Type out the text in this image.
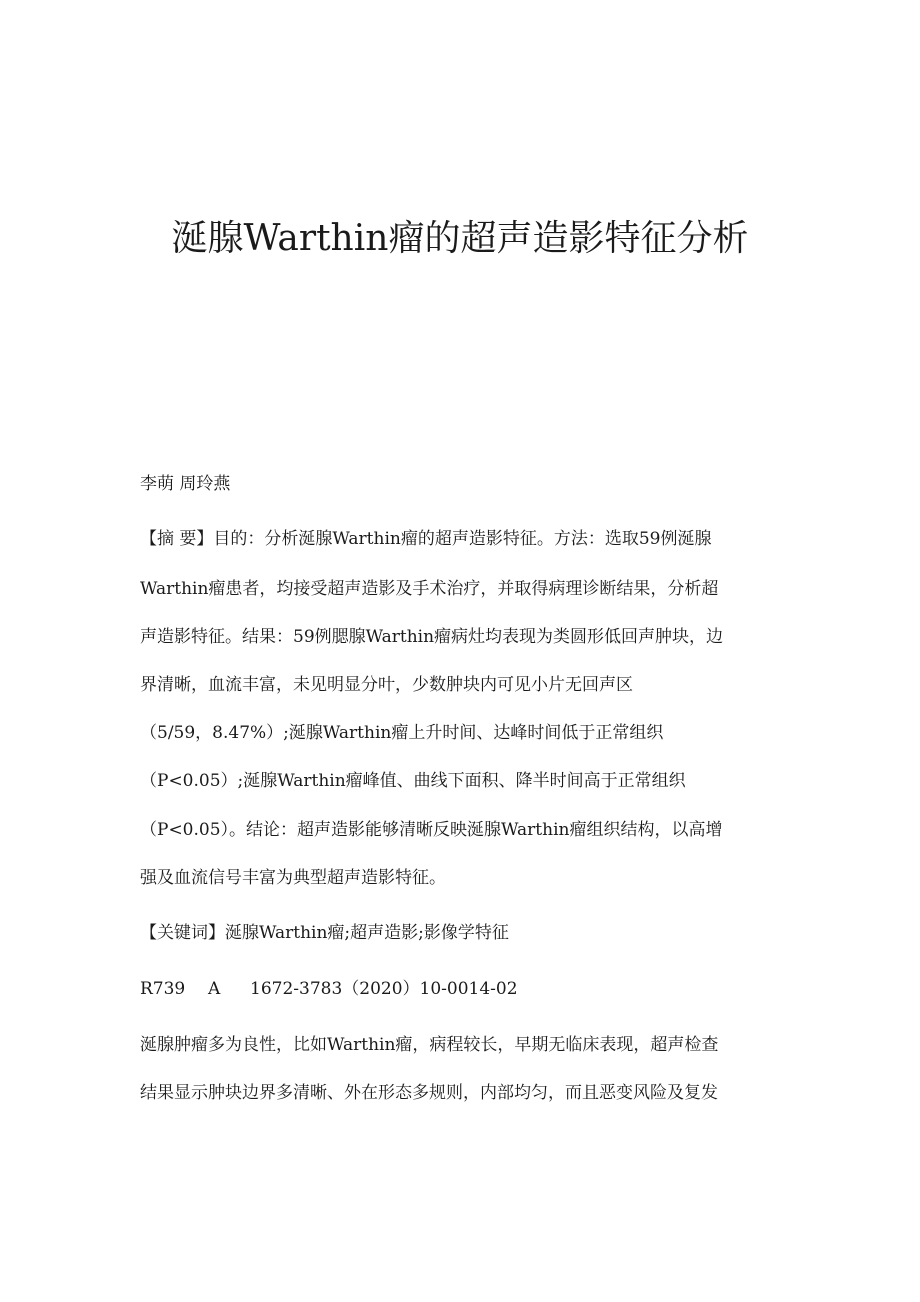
涎腺Warthin瘤的超声造影特征分析

李萌 周玲燕

【摘 要】目的：分析涎腺Warthin瘤的超声造影特征。方法：选取59例涎腺

Warthin瘤患者，均接受超声造影及手术治疗，并取得病理诊断结果，分析超

声造影特征。结果：59例腮腺Warthin瘤病灶均表现为类圆形低回声肿块，边

界清晰，血流丰富，未见明显分叶，少数肿块内可见小片无回声区

（5/59，8.47%）;涎腺Warthin瘤上升时间、达峰时间低于正常组织

（P<0.05）;涎腺Warthin瘤峰值、曲线下面积、降半时间高于正常组织

（P<0.05）。结论：超声造影能够清晰反映涎腺Warthin瘤组织结构，以高增

强及血流信号丰富为典型超声造影特征。

【关键词】涎腺Warthin瘤;超声造影;影像学特征

R739 A 1672-3783（2020）10-0014-02

涎腺肿瘤多为良性，比如Warthin瘤，病程较长，早期无临床表现，超声检查

结果显示肿块边界多清晰、外在形态多规则，内部均匀，而且恶变风险及复发
